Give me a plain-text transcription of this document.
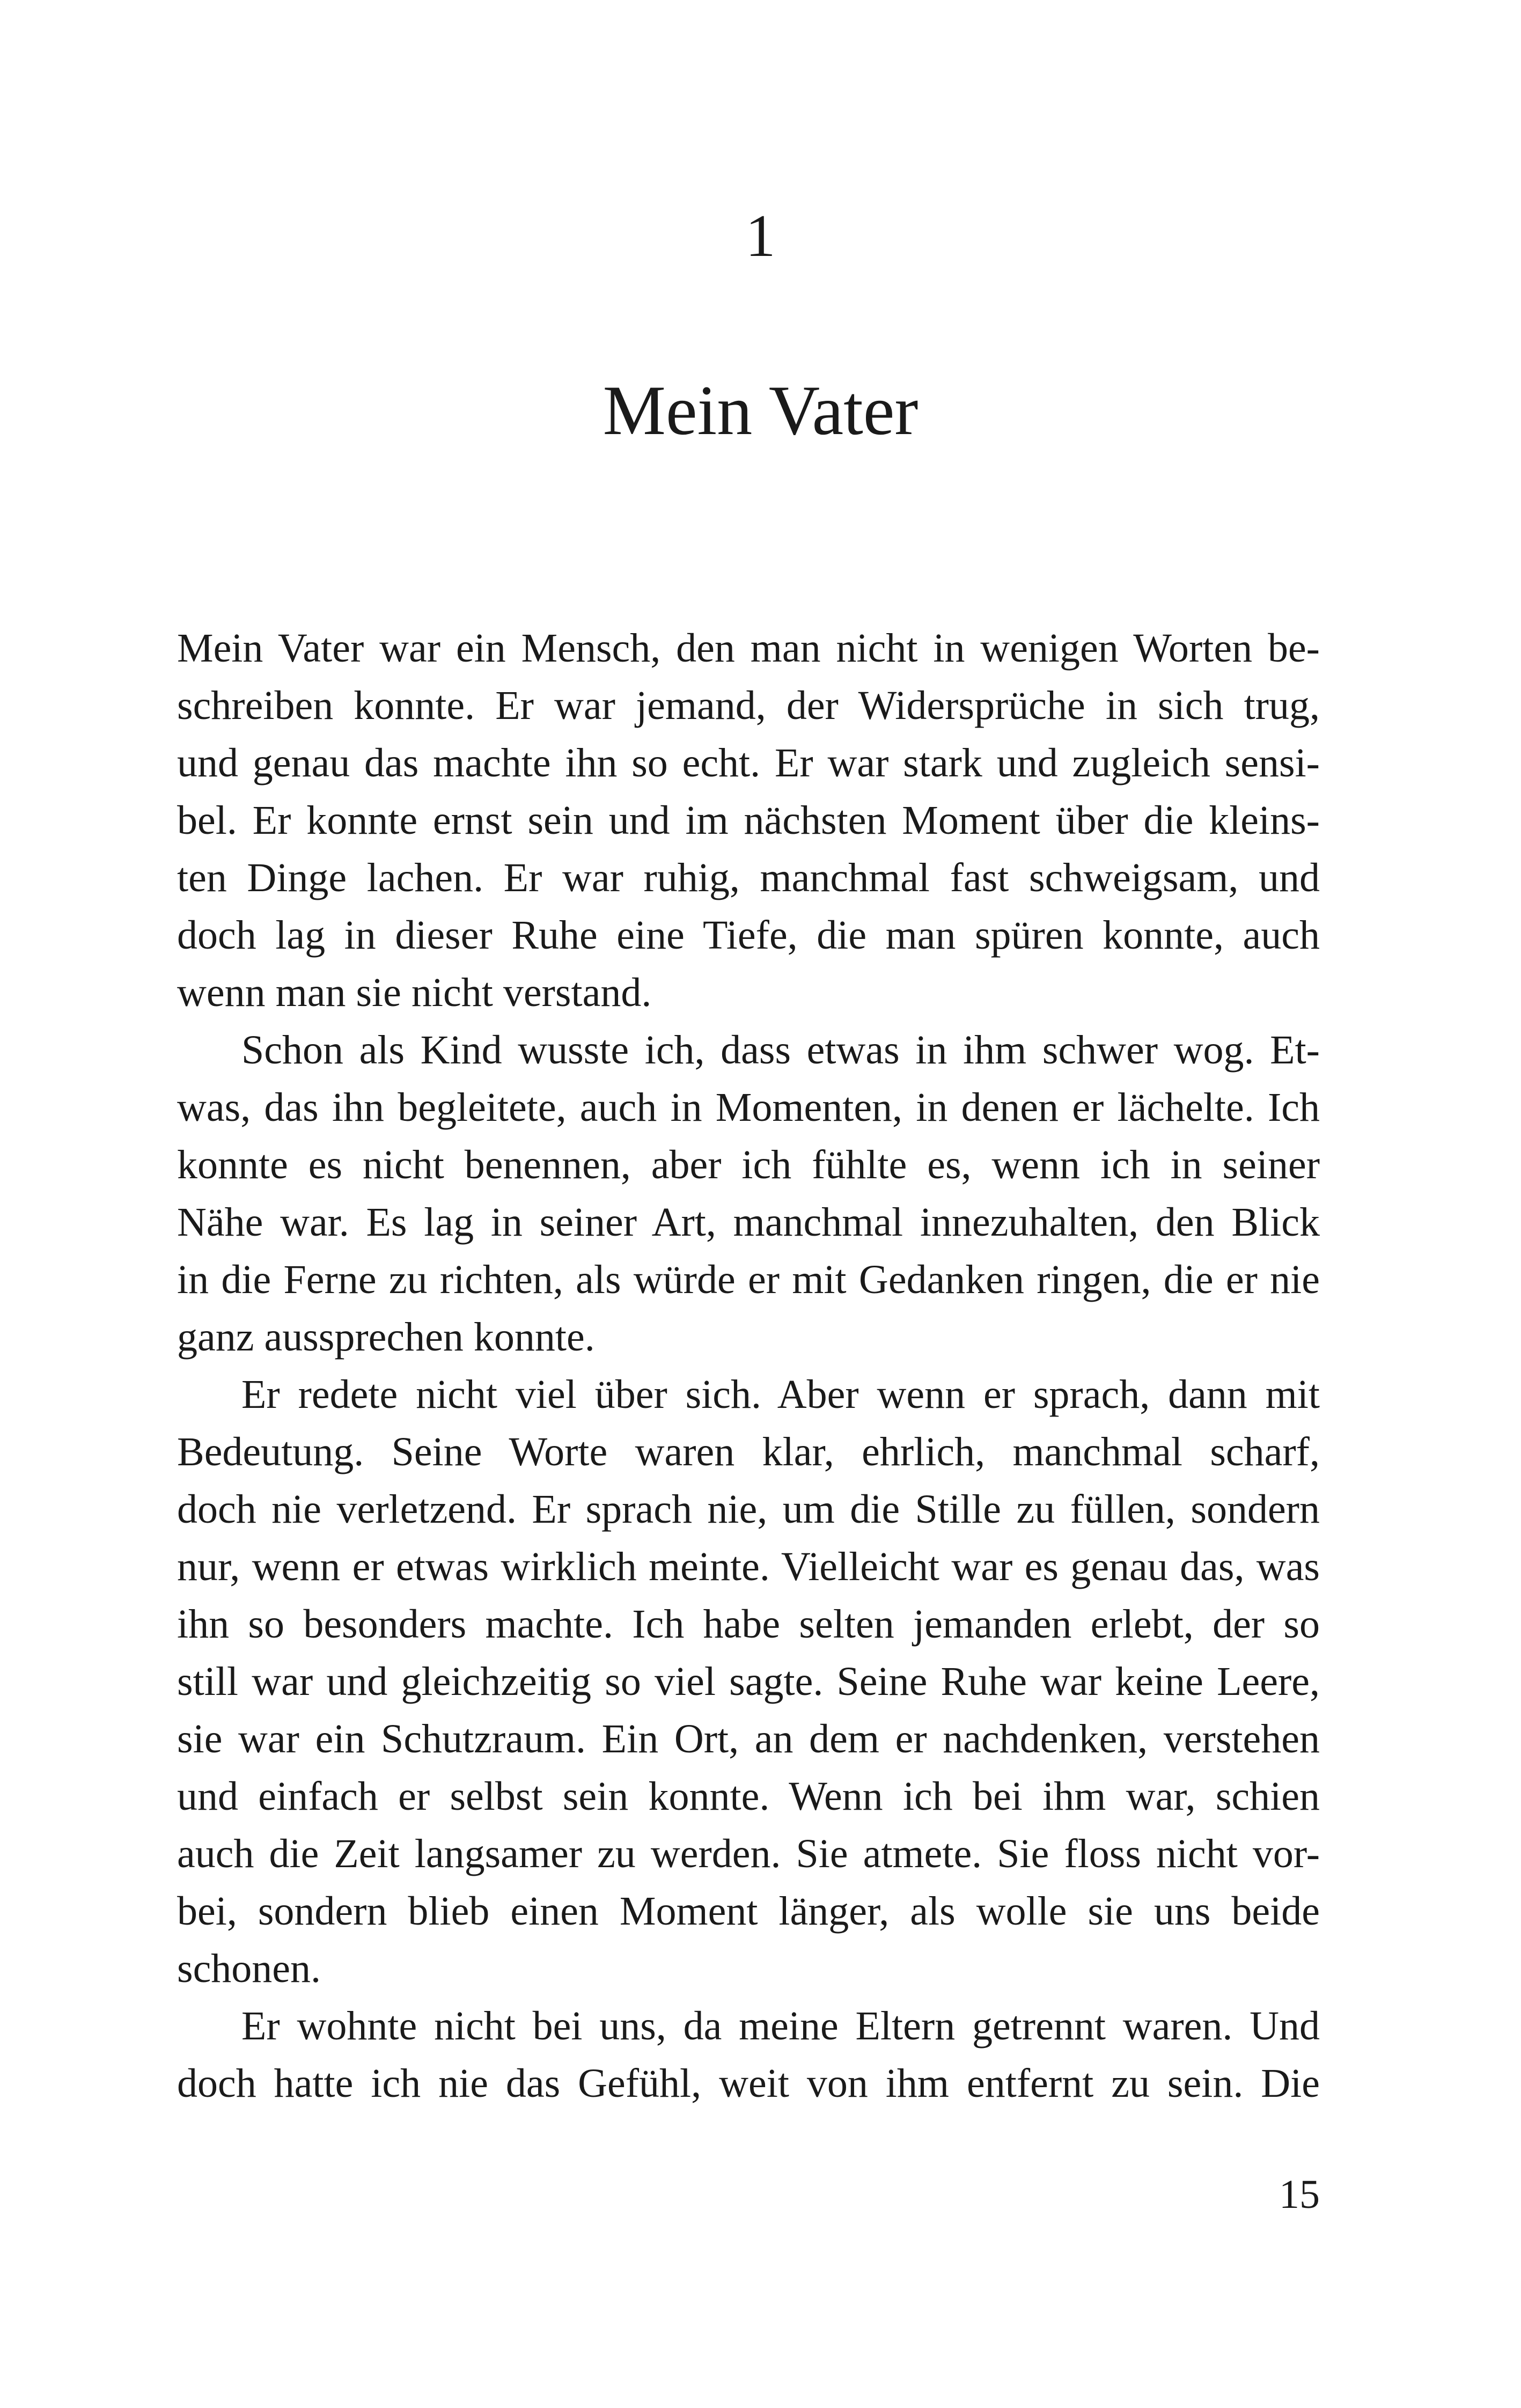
1
Mein Vater
Mein Vater war ein Mensch, den man nicht in wenigen Worten be-
schreiben konnte. Er war jemand, der Widersprüche in sich trug,
und genau das machte ihn so echt. Er war stark und zugleich sensi-
bel. Er konnte ernst sein und im nächsten Moment über die kleins-
ten Dinge lachen. Er war ruhig, manchmal fast schweigsam, und
doch lag in dieser Ruhe eine Tiefe, die man spüren konnte, auch
wenn man sie nicht verstand.
Schon als Kind wusste ich, dass etwas in ihm schwer wog. Et-
was, das ihn begleitete, auch in Momenten, in denen er lächelte. Ich
konnte es nicht benennen, aber ich fühlte es, wenn ich in seiner
Nähe war. Es lag in seiner Art, manchmal innezuhalten, den Blick
in die Ferne zu richten, als würde er mit Gedanken ringen, die er nie
ganz aussprechen konnte.
Er redete nicht viel über sich. Aber wenn er sprach, dann mit
Bedeutung. Seine Worte waren klar, ehrlich, manchmal scharf,
doch nie verletzend. Er sprach nie, um die Stille zu füllen, sondern
nur, wenn er etwas wirklich meinte. Vielleicht war es genau das, was
ihn so besonders machte. Ich habe selten jemanden erlebt, der so
still war und gleichzeitig so viel sagte. Seine Ruhe war keine Leere,
sie war ein Schutzraum. Ein Ort, an dem er nachdenken, verstehen
und einfach er selbst sein konnte. Wenn ich bei ihm war, schien
auch die Zeit langsamer zu werden. Sie atmete. Sie floss nicht vor-
bei, sondern blieb einen Moment länger, als wolle sie uns beide
schonen.
Er wohnte nicht bei uns, da meine Eltern getrennt waren. Und
doch hatte ich nie das Gefühl, weit von ihm entfernt zu sein. Die
15
